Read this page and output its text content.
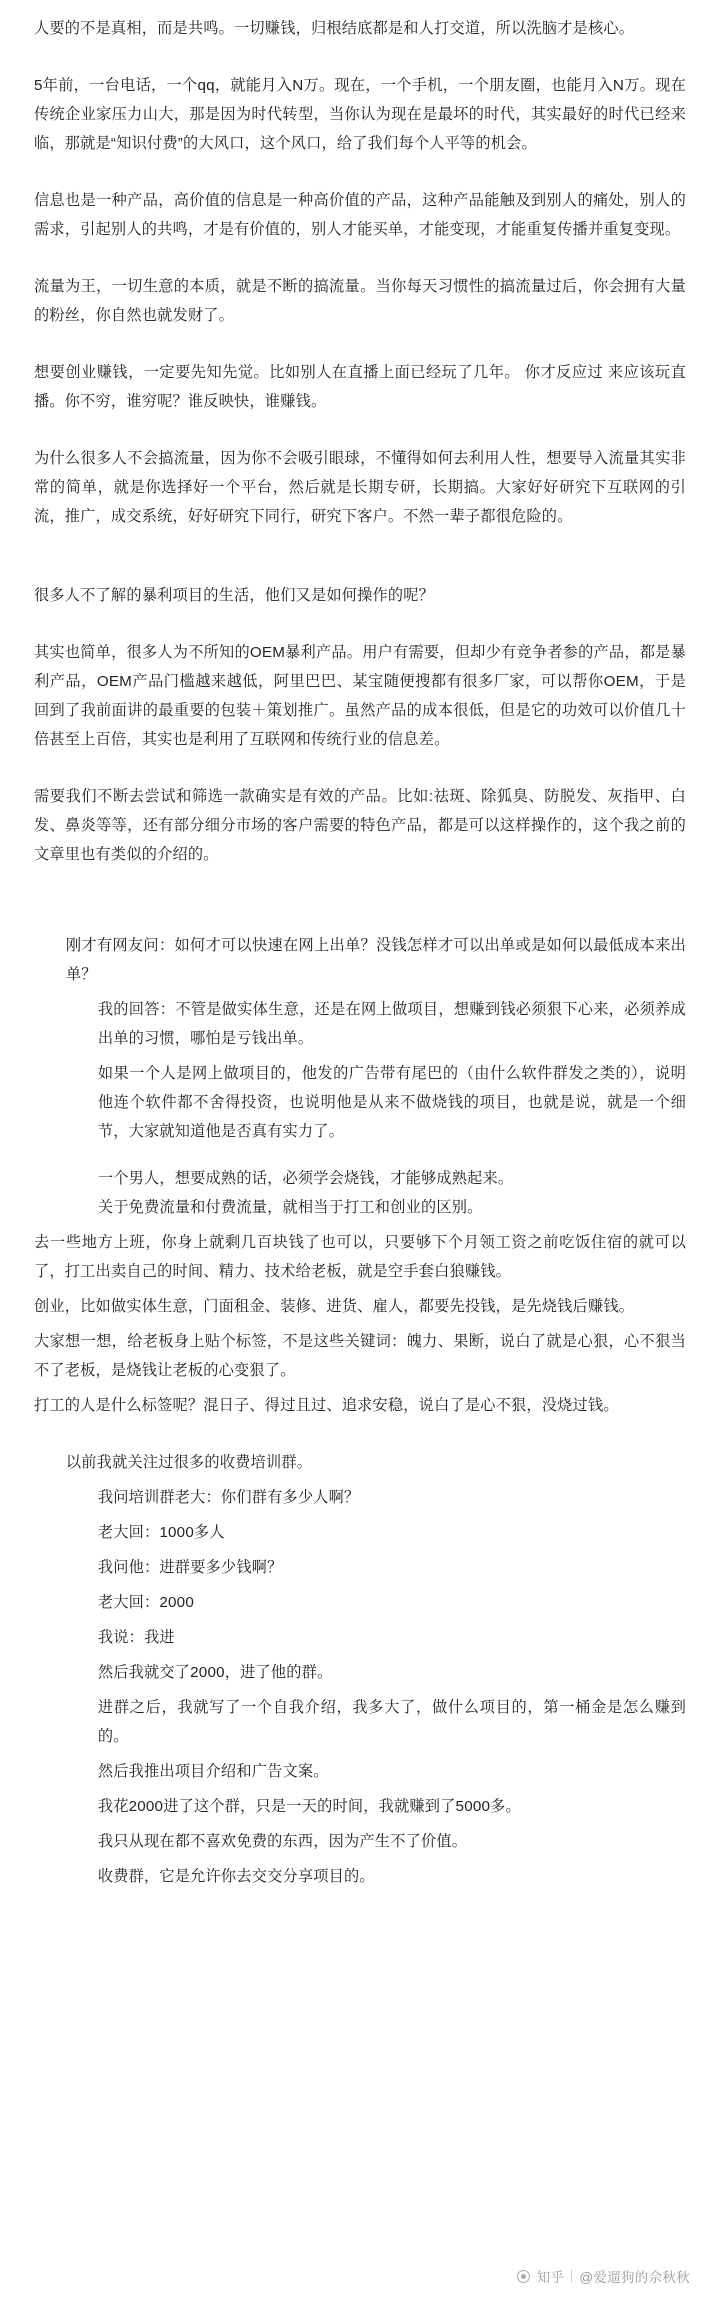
人要的不是真相，而是共鸣。一切赚钱，归根结底都是和人打交道，所以洗脑才是核心。

5年前，一台电话，一个qq，就能月入N万。现在，一个手机，一个朋友圈，也能月入N万。现在传统企业家压力山大，那是因为时代转型，当你认为现在是最坏的时代，其实最好的时代已经来临，那就是“知识付费”的大风口，这个风口，给了我们每个人平等的机会。

信息也是一种产品，高价值的信息是一种高价值的产品，这种产品能触及到别人的痛处，别人的需求，引起别人的共鸣，才是有价值的，别人才能买单，才能变现，才能重复传播并重复变现。

流量为王，一切生意的本质，就是不断的搞流量。当你每天习惯性的搞流量过后，你会拥有大量的粉丝，你自然也就发财了。

想要创业赚钱，一定要先知先觉。比如别人在直播上面已经玩了几年。 你才反应过 来应该玩直播。你不穷，谁穷呢？谁反映快，谁赚钱。

为什么很多人不会搞流量，因为你不会吸引眼球，不懂得如何去利用人性，想要导入流量其实非常的简单，就是你选择好一个平台，然后就是长期专研，长期搞。大家好好研究下互联网的引流，推广，成交系统，好好研究下同行，研究下客户。不然一辈子都很危险的。

很多人不了解的暴利项目的生活，他们又是如何操作的呢？

其实也简单，很多人为不所知的OEM暴利产品。用户有需要，但却少有竞争者参的产品，都是暴利产品，OEM产品门槛越来越低，阿里巴巴、某宝随便搜都有很多厂家，可以帮你OEM，于是回到了我前面讲的最重要的包装＋策划推广。虽然产品的成本很低，但是它的功效可以价值几十倍甚至上百倍，其实也是利用了互联网和传统行业的信息差。

需要我们不断去尝试和筛选一款确实是有效的产品。比如:祛斑、除狐臭、防脱发、灰指甲、白发、鼻炎等等，还有部分细分市场的客户需要的特色产品，都是可以这样操作的，这个我之前的文章里也有类似的介绍的。

刚才有网友问：如何才可以快速在网上出单？没钱怎样才可以出单或是如何以最低成本来出单？

我的回答：不管是做实体生意，还是在网上做项目，想赚到钱必须狠下心来，必须养成出单的习惯，哪怕是亏钱出单。

如果一个人是网上做项目的，他发的广告带有尾巴的（由什么软件群发之类的），说明他连个软件都不舍得投资，也说明他是从来不做烧钱的项目，也就是说，就是一个细节，大家就知道他是否真有实力了。

一个男人，想要成熟的话，必须学会烧钱，才能够成熟起来。

关于免费流量和付费流量，就相当于打工和创业的区别。

去一些地方上班，你身上就剩几百块钱了也可以，只要够下个月领工资之前吃饭住宿的就可以了，打工出卖自己的时间、精力、技术给老板，就是空手套白狼赚钱。

创业，比如做实体生意，门面租金、装修、进货、雇人，都要先投钱，是先烧钱后赚钱。

大家想一想，给老板身上贴个标签，不是这些关键词：魄力、果断，说白了就是心狠，心不狠当不了老板，是烧钱让老板的心变狠了。

打工的人是什么标签呢？混日子、得过且过、追求安稳，说白了是心不狠，没烧过钱。

以前我就关注过很多的收费培训群。

我问培训群老大：你们群有多少人啊？

老大回：1000多人

我问他：进群要多少钱啊？

老大回：2000

我说：我进

然后我就交了2000，进了他的群。

进群之后，我就写了一个自我介绍，我多大了，做什么项目的，第一桶金是怎么赚到的。

然后我推出项目介绍和广告文案。

我花2000进了这个群，只是一天的时间，我就赚到了5000多。

我只从现在都不喜欢免费的东西，因为产生不了价值。

收费群，它是允许你去交交分享项目的。

知乎 @爱遛狗的佘秋秋
